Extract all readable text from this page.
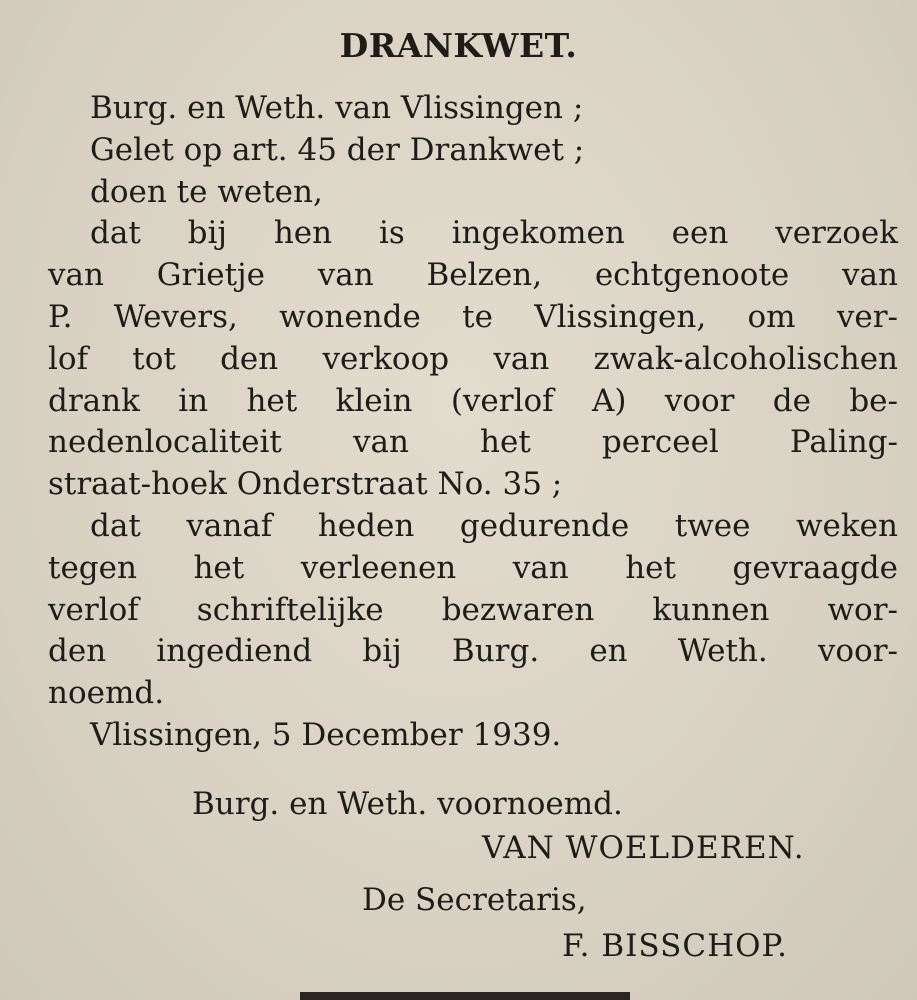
DRANKWET.
Burg. en Weth. van Vlissingen ;
Gelet op art. 45 der Drankwet ;
doen te weten,
dat bij hen is ingekomen een verzoek
van Grietje van Belzen, echtgenoote van
P. Wevers, wonende te Vlissingen, om ver-
lof tot den verkoop van zwak-alcoholischen
drank in het klein (verlof A) voor de be-
nedenlocaliteit van het perceel Paling-
straat-hoek Onderstraat No. 35 ;
dat vanaf heden gedurende twee weken
tegen het verleenen van het gevraagde
verlof schriftelijke bezwaren kunnen wor-
den ingediend bij Burg. en Weth. voor-
noemd.
Vlissingen, 5 December 1939.
Burg. en Weth. voornoemd.
VAN WOELDEREN.
De Secretaris,
F. BISSCHOP.
